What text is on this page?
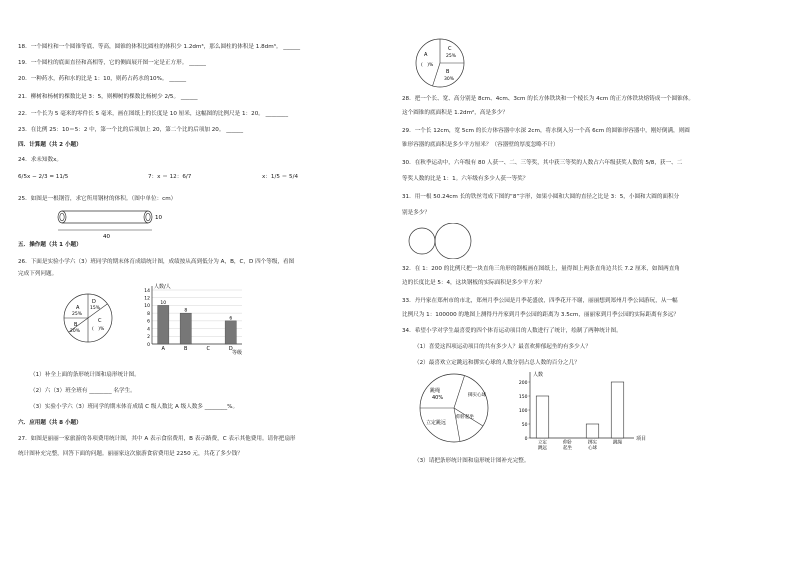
18．一个圆柱和一个圆锥等底、等高，圆锥的体积比圆柱的体积少 1.2dm³，那么圆柱的体积是 1.8dm³。 ______
19．一个圆柱的底面直径和高相等，它的侧面展开图一定是正方形。 ______
20．一种药水，药和水的比是 1：10，则药占药水的10%。 ______
21．柳树和杨树的棵数比是 3：5，则柳树的棵数比杨树少 2/5。 ______
22．一个长为 5 毫米的零件长 5 毫米，画在图纸上的长度是 10 厘米，这幅图的比例尺是 1：20。 ________
23．在比例 25：10＝5：2 中，第一个比的后项加上 20，第二个比的后项加 20。 ______
四．计算题（共 2 小题）
24．求未知数x。
6/5x − 2/3 = 11/5	7：x ＝ 12：6/7	x：1/5 ＝ 5/4
25．如图是一根钢管，求它所用钢材的体积。（图中单位：cm）
40
10
五．操作题（共 1 小题）
26．下面是实验小学六（3）班同学的期末体育成绩统计图，成绩按从高到低分为 A，B，C，D 四个等级，看图
完成下列问题。
A
25%
D
15%
C
(　)%
B
20%
人数/人
等级
0
2
4
6
8
10
12
14
10
A
8
B	C
6
D
（1）补全上面的条形统计图和扇形统计图。
（2）六（3）班全班有 ________ 名学生。
（3）实验小学六（3）班同学的期末体育成绩 C 级人数比 A 级人数多 ________%。
六．应用题（共 8 小题）
27．如图是丽丽一家旅游的各项费用统计图，其中 A 表示食宿费用，B 表示路费，C 表示其他费用。请你把扇形
统计图补充完整，回答下面的问题。丽丽家这次旅游食宿费用是 2250 元，共花了多少钱？
A
(　)%
C
25%
B
30%
28．把一个长、宽、高分别是 8cm、4cm、3cm 的长方体铁块和一个棱长为 4cm 的正方体铁块熔铸成一个圆锥体。
这个圆锥的底面积是 1.2dm²，高是多少？
29．一个长 12cm，宽 5cm 的长方体容器中水深 2cm，将水倒入另一个高 6cm 的圆锥形容器中，刚好倒满，则圆
锥形容器的底面积是多少平方厘米？（容器壁的厚度忽略不计）
30．在秋季运动中，六年级有 80 人获一、二、三等奖，其中获三等奖的人数占六年级获奖人数的 5/8，获一、二
等奖人数的比是 1：1。六年级有多少人获一等奖？
31．用一根 50.24cm 长的铁丝弯成下图的“8”字形，如果小圆和大圆的直径之比是 3：5，小圆和大圆的面积分
别是多少？
32．在 1：200 的比例尺把一块直角三角形的钢板画在图纸上，量得图上两条直角边共长 7.2 厘米，如图两直角
边的长度比是 5：4，这块钢板的实际面积是多少平方米？
33．丹丹家在郑州市的市北，郑州月季公园是月季花盛放，四季花开不谢，丽丽想到郑州月季公园游玩，从一幅
比例尺为 1：100000 的地图上测得丹丹家到月季公园的距离为 3.5cm，丽丽家到月季公园的实际距离有多远？
34．希望小学对学生最喜爱的四个体育运动项目的人数进行了统计，绘制了两种统计图。
（1）喜爱这四项运动项目的共有多少人？最喜欢抑郁起坐的有多少人？
（2）最喜欢立定跳远和掷实心球的人数分别占总人数的百分之几？
跳绳
40%
立定跳远
仰卧起坐
掷实心球
人数
项目
0
50
100
150
200
立定
跳远
仰卧
起坐
掷实
心球
跳绳
（3）请把条形统计图和扇形统计图补充完整。
